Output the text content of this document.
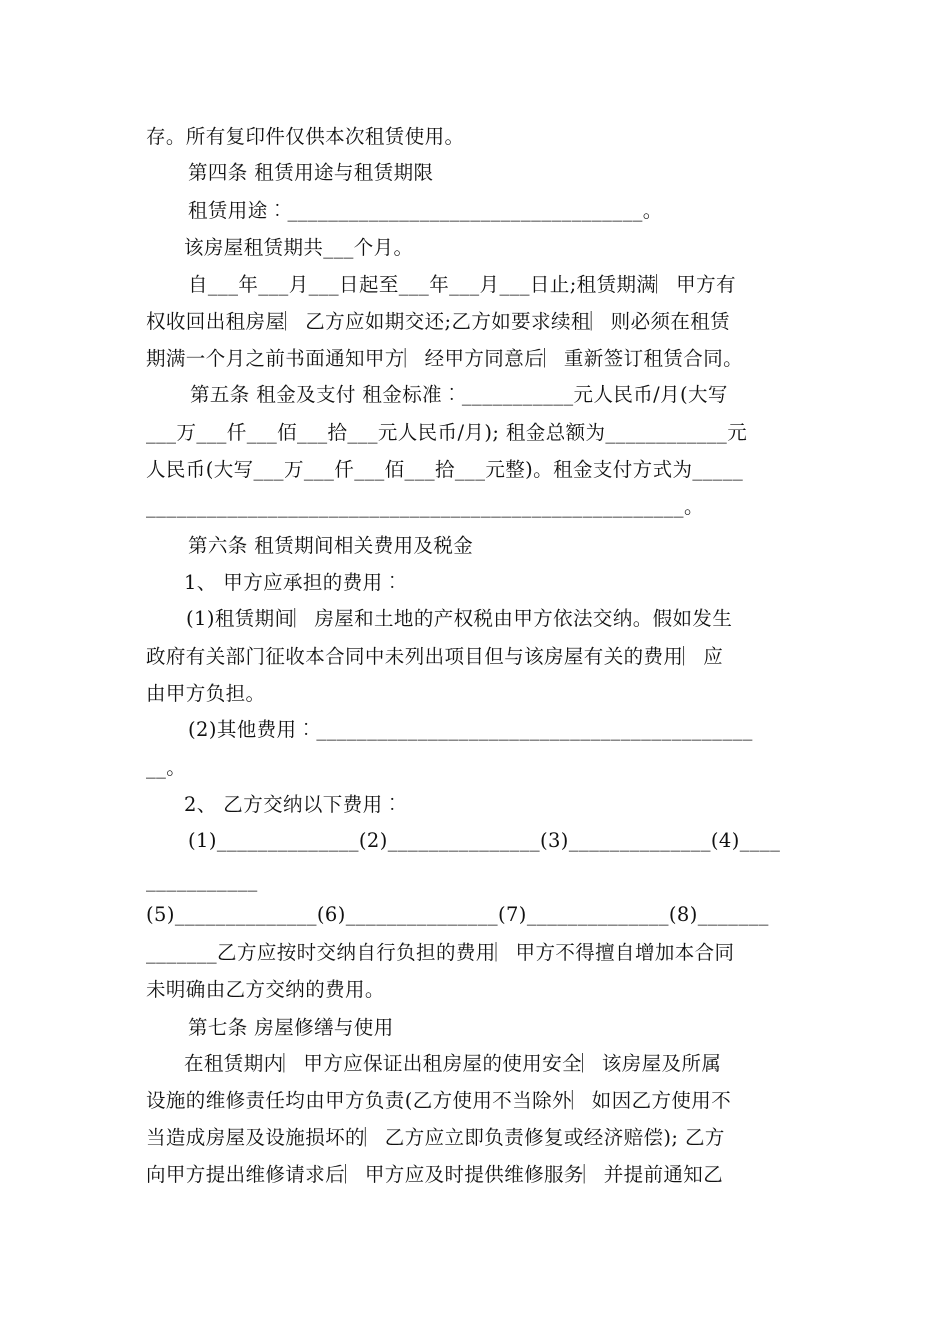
存。所有复印件仅供本次租赁使用。
第四条 租赁用途与租赁期限
租赁用途︰___________________________________。
该房屋租赁期共___个月。
自___年___月___日起至___年___月___日止;租赁期满︳甲方有
权收回出租房屋︳乙方应如期交还;乙方如要求续租︳则必须在租赁
期满一个月之前书面通知甲方︳经甲方同意后︳重新签订租赁合同。
第五条 租金及支付 租金标准︰___________元人民币/月(大写
___万___仟___佰___拾___元人民币/月); 租金总额为____________元
人民币(大写___万___仟___佰___拾___元整)。租金支付方式为_____
_____________________________________________________。
第六条 租赁期间相关费用及税金
1、 甲方应承担的费用︰
(1)租赁期间︳房屋和土地的产权税由甲方依法交纳。假如发生
政府有关部门征收本合同中未列出项目但与该房屋有关的费用︳应
由甲方负担。
(2)其他费用︰___________________________________________
__。
2、 乙方交纳以下费用︰
(1)______________(2)_______________(3)______________(4)____
___________
(5)______________(6)_______________(7)______________(8)_______
_______乙方应按时交纳自行负担的费用︳甲方不得擅自增加本合同
未明确由乙方交纳的费用。
第七条 房屋修缮与使用
在租赁期内︳甲方应保证出租房屋的使用安全︳该房屋及所属
设施的维修责任均由甲方负责(乙方使用不当除外︳如因乙方使用不
当造成房屋及设施损坏的︳乙方应立即负责修复或经济赔偿); 乙方
向甲方提出维修请求后︳甲方应及时提供维修服务︳并提前通知乙
